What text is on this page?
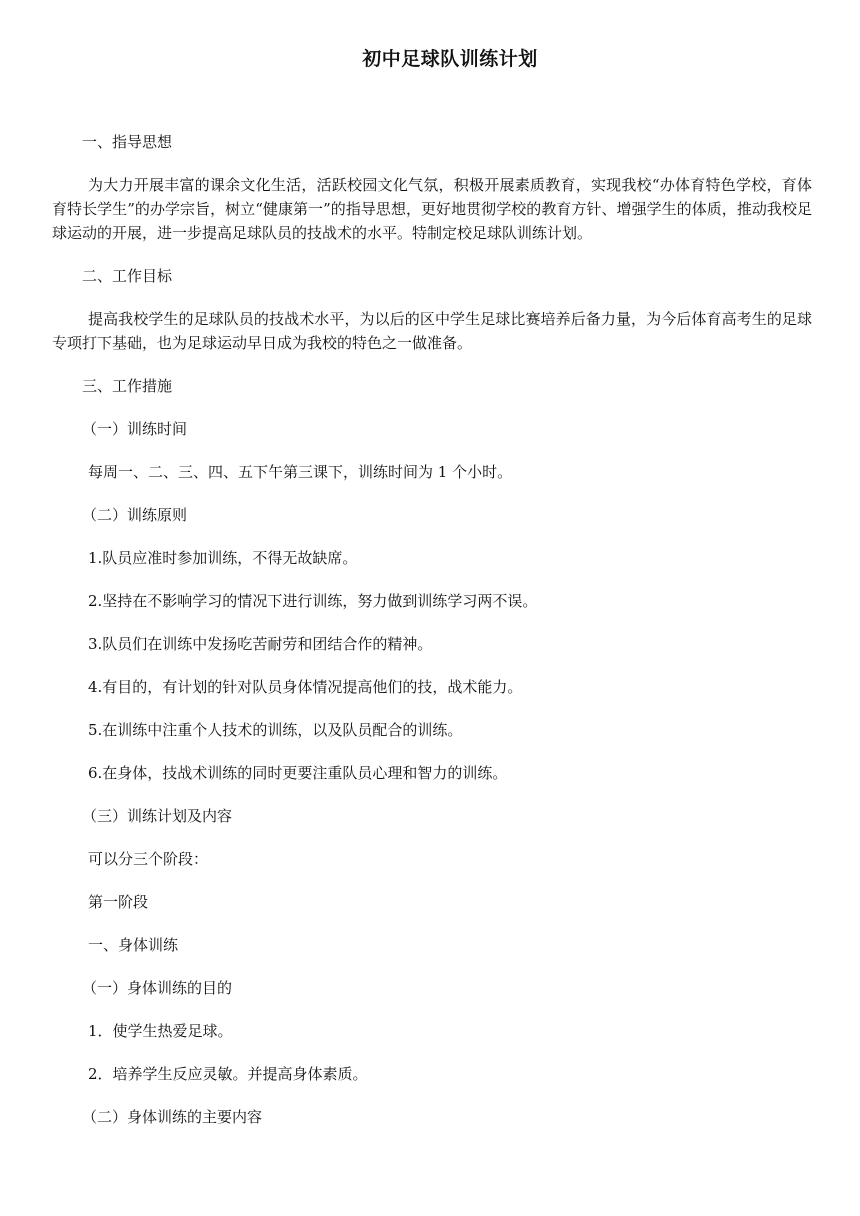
初中足球队训练计划
一、指导思想
为大力开展丰富的课余文化生活，活跃校园文化气氛，积极开展素质教育，实现我校“办体育特色学校，育体育特长学生”的办学宗旨，树立“健康第一”的指导思想，更好地贯彻学校的教育方针、增强学生的体质，推动我校足球运动的开展，进一步提高足球队员的技战术的水平。特制定校足球队训练计划。
二、工作目标
提高我校学生的足球队员的技战术水平，为以后的区中学生足球比赛培养后备力量，为今后体育高考生的足球专项打下基础，也为足球运动早日成为我校的特色之一做准备。
三、工作措施
（一）训练时间
每周一、二、三、四、五下午第三课下，训练时间为 1 个小时。
（二）训练原则
1.队员应准时参加训练，不得无故缺席。
2.坚持在不影响学习的情况下进行训练，努力做到训练学习两不误。
3.队员们在训练中发扬吃苦耐劳和团结合作的精神。
4.有目的，有计划的针对队员身体情况提高他们的技，战术能力。
5.在训练中注重个人技术的训练，以及队员配合的训练。
6.在身体，技战术训练的同时更要注重队员心理和智力的训练。
（三）训练计划及内容
可以分三个阶段：
第一阶段
一、身体训练
（一）身体训练的目的
1．使学生热爱足球。
2．培养学生反应灵敏。并提高身体素质。
（二）身体训练的主要内容
